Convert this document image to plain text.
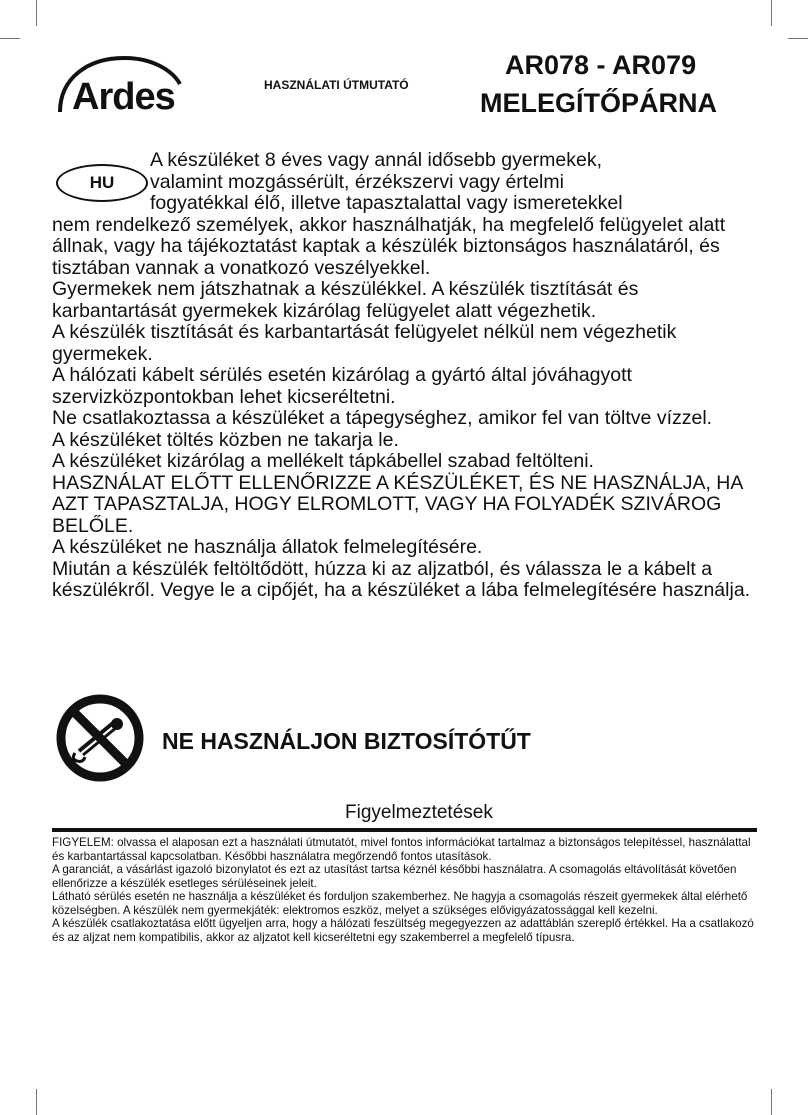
Ardes	HASZNÁLATI ÚTMUTATÓ
AR078 - AR079
MELEGÍTŐPÁRNA
HU

A készüléket 8 éves vagy annál idősebb gyermekek,
valamint mozgássérült, érzékszervi vagy értelmi
fogyatékkal élő, illetve tapasztalattal vagy ismeretekkel
nem rendelkező személyek, akkor használhatják, ha megfelelő felügyelet alatt állnak, vagy ha tájékoztatást kaptak a készülék biztonságos használatáról, és tisztában vannak a vonatkozó veszélyekkel.

Gyermekek nem játszhatnak a készülékkel. A készülék tisztítását és karbantartását gyermekek kizárólag felügyelet alatt végezhetik.

A készülék tisztítását és karbantartását felügyelet nélkül nem végezhetik gyermekek.

A hálózati kábelt sérülés esetén kizárólag a gyártó által jóváhagyott szervizközpontokban lehet kicseréltetni.

Ne csatlakoztassa a készüléket a tápegységhez, amikor fel van töltve vízzel.

A készüléket töltés közben ne takarja le.

A készüléket kizárólag a mellékelt tápkábellel szabad feltölteni.

HASZNÁLAT ELŐTT ELLENŐRIZZE A KÉSZÜLÉKET, ÉS NE HASZNÁLJA, HA AZT TAPASZTALJA, HOGY ELROMLOTT, VAGY HA FOLYADÉK SZIVÁROG BELŐLE.

A készüléket ne használja állatok felmelegítésére.

Miután a készülék feltöltődött, húzza ki az aljzatból, és válassza le a kábelt a készülékről. Vegye le a cipőjét, ha a készüléket a lába felmelegítésére használja.

NE HASZNÁLJON BIZTOSÍTÓTŰT
Figyelmeztetések

FIGYELEM: olvassa el alaposan ezt a használati útmutatót, mivel fontos információkat tartalmaz a biztonságos telepítéssel, használattal és karbantartással kapcsolatban. Későbbi használatra megőrzendő fontos utasítások.

A garanciát, a vásárlást igazoló bizonylatot és ezt az utasítást tartsa kéznél későbbi használatra. A csomagolás eltávolítását követően ellenőrizze a készülék esetleges sérüléseinek jeleit.

Látható sérülés esetén ne használja a készüléket és forduljon szakemberhez. Ne hagyja a csomagolás részeit gyermekek által elérhető közelségben. A készülék nem gyermekjáték: elektromos eszköz, melyet a szükséges elővigyázatossággal kell kezelni.

A készülék csatlakoztatása előtt ügyeljen arra, hogy a hálózati feszültség megegyezzen az adattáblán szereplő értékkel. Ha a csatlakozó és az aljzat nem kompatibilis, akkor az aljzatot kell kicseréltetni egy szakemberrel a megfelelő típusra.
